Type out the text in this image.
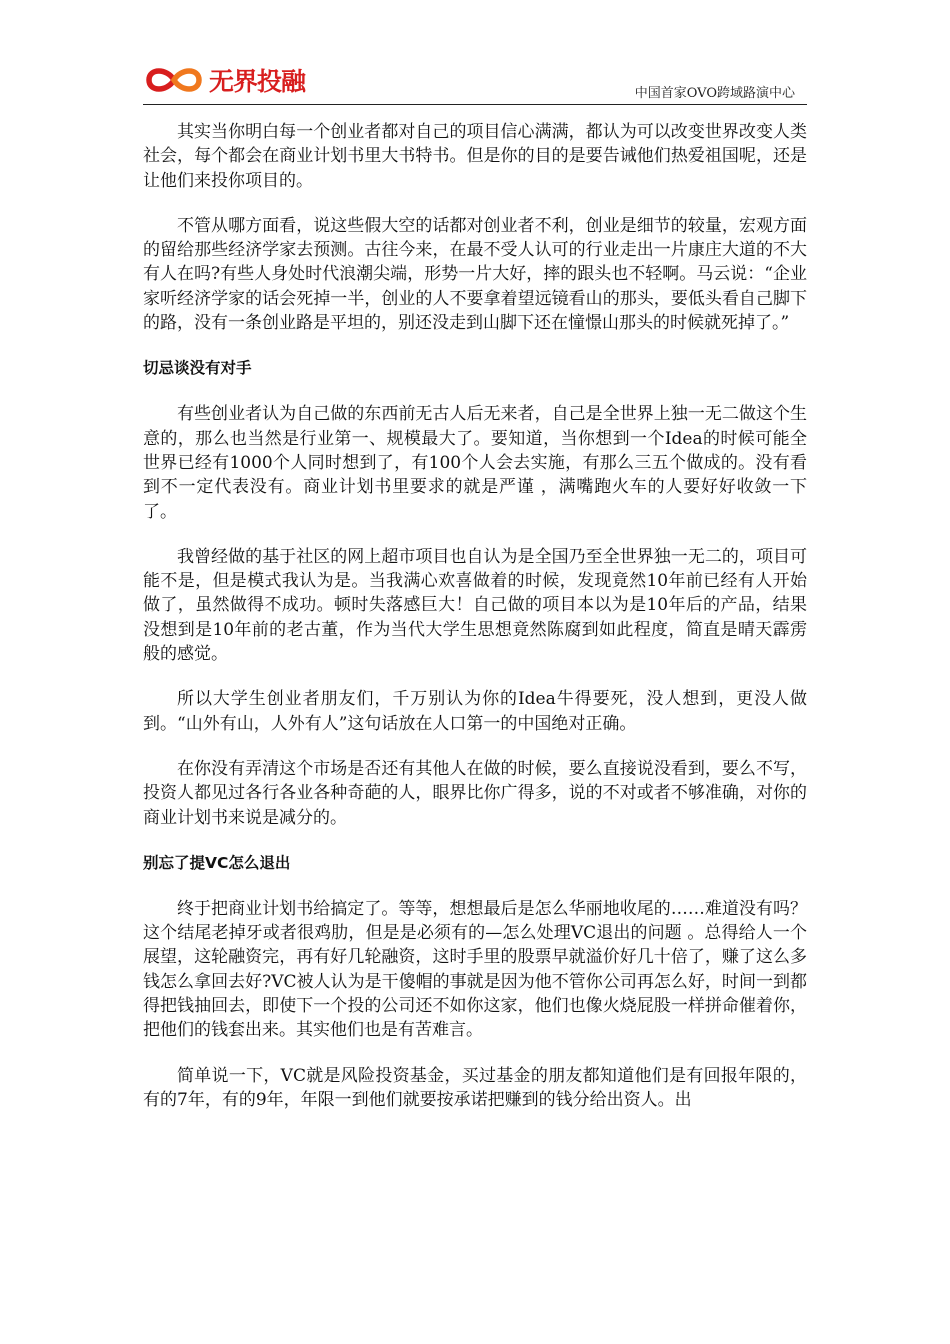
无界投融	中国首家OVO跨域路演中心

其实当你明白每一个创业者都对自己的项目信心满满，都认为可以改变世界改变人类社会，每个都会在商业计划书里大书特书。但是你的目的是要告诫他们热爱祖国呢，还是让他们来投你项目的。

不管从哪方面看，说这些假大空的话都对创业者不利，创业是细节的较量，宏观方面的留给那些经济学家去预测。古往今来，在最不受人认可的行业走出一片康庄大道的不大有人在吗?有些人身处时代浪潮尖端，形势一片大好，摔的跟头也不轻啊。马云说：“企业家听经济学家的话会死掉一半，创业的人不要拿着望远镜看山的那头，要低头看自己脚下的路，没有一条创业路是平坦的，别还没走到山脚下还在憧憬山那头的时候就死掉了。”

切忌谈没有对手

有些创业者认为自己做的东西前无古人后无来者，自己是全世界上独一无二做这个生意的，那么也当然是行业第一、规模最大了。要知道，当你想到一个Idea的时候可能全世界已经有1000个人同时想到了，有100个人会去实施，有那么三五个做成的。没有看到不一定代表没有。商业计划书里要求的就是严谨 ，满嘴跑火车的人要好好收敛一下了。

我曾经做的基于社区的网上超市项目也自认为是全国乃至全世界独一无二的，项目可能不是，但是模式我认为是。当我满心欢喜做着的时候，发现竟然10年前已经有人开始做了，虽然做得不成功。顿时失落感巨大！自己做的项目本以为是10年后的产品，结果没想到是10年前的老古董，作为当代大学生思想竟然陈腐到如此程度，简直是晴天霹雳般的感觉。

所以大学生创业者朋友们，千万别认为你的Idea牛得要死，没人想到，更没人做到。“山外有山，人外有人”这句话放在人口第一的中国绝对正确。

在你没有弄清这个市场是否还有其他人在做的时候，要么直接说没看到，要么不写，投资人都见过各行各业各种奇葩的人，眼界比你广得多，说的不对或者不够准确，对你的商业计划书来说是减分的。

别忘了提VC怎么退出

终于把商业计划书给搞定了。等等，想想最后是怎么华丽地收尾的……难道没有吗？这个结尾老掉牙或者很鸡肋，但是是必须有的—怎么处理VC退出的问题 。总得给人一个展望，这轮融资完，再有好几轮融资，这时手里的股票早就溢价好几十倍了，赚了这么多钱怎么拿回去好?VC被人认为是干傻帽的事就是因为他不管你公司再怎么好，时间一到都得把钱抽回去，即使下一个投的公司还不如你这家，他们也像火烧屁股一样拼命催着你，把他们的钱套出来。其实他们也是有苦难言。

简单说一下，VC就是风险投资基金，买过基金的朋友都知道他们是有回报年限的，有的7年，有的9年，年限一到他们就要按承诺把赚到的钱分给出资人。出
